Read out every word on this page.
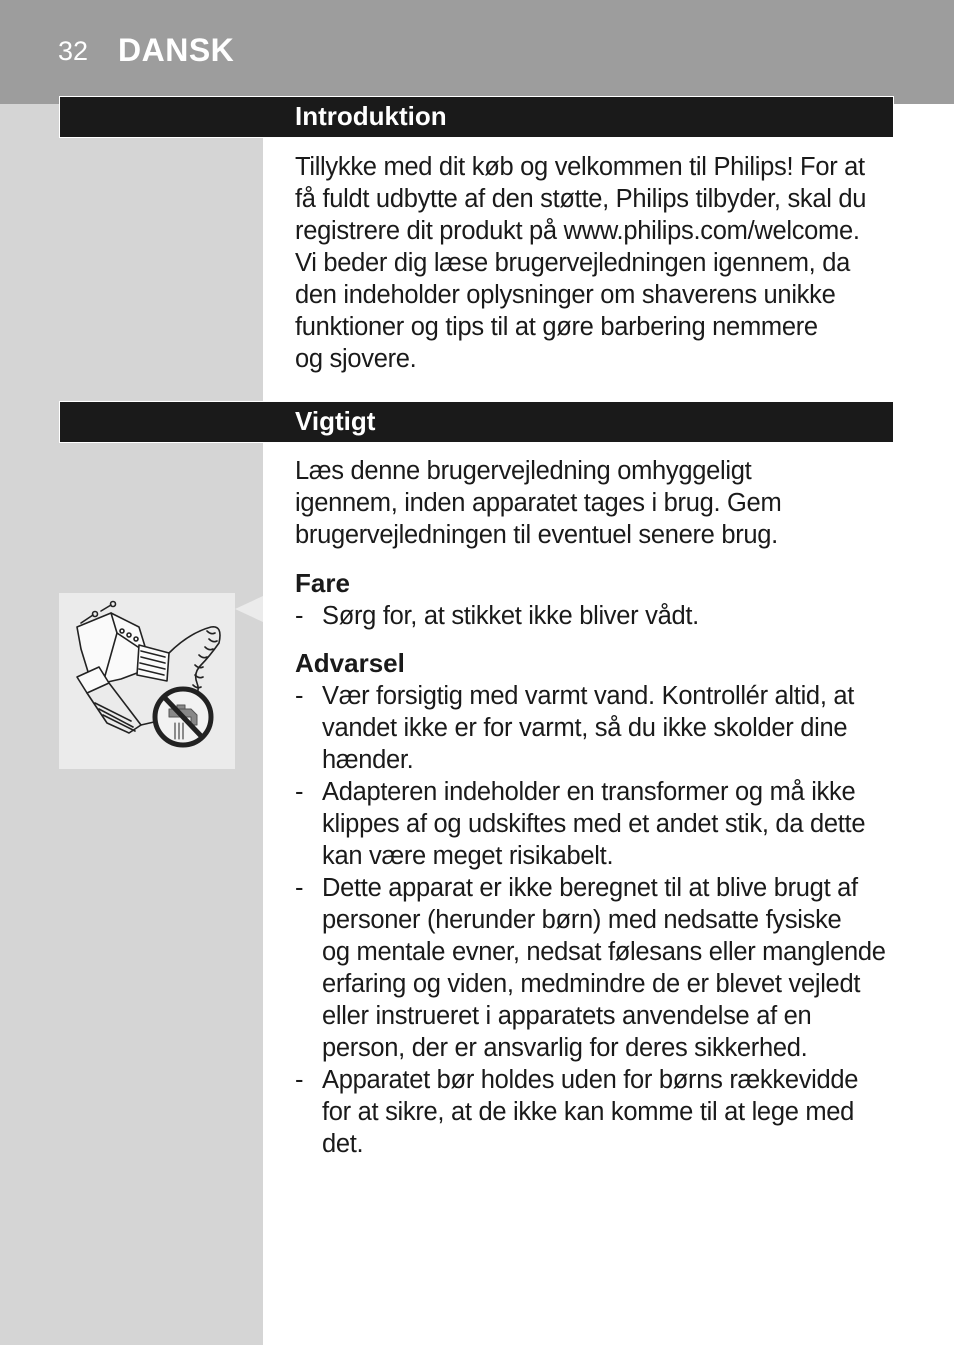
32 DANSK
Introduktion
Tillykke med dit køb og velkommen til Philips! For at
få fuldt udbytte af den støtte, Philips tilbyder, skal du
registrere dit produkt på www.philips.com/welcome.
Vi beder dig læse brugervejledningen igennem, da
den indeholder oplysninger om shaverens unikke
funktioner og tips til at gøre barbering nemmere
og sjovere.
Vigtigt
Læs denne brugervejledning omhyggeligt
igennem, inden apparatet tages i brug. Gem
brugervejledningen til eventuel senere brug.
Fare
- Sørg for, at stikket ikke bliver vådt.
Advarsel
- Vær forsigtig med varmt vand. Kontrollér altid, at
vandet ikke er for varmt, så du ikke skolder dine
hænder.
- Adapteren indeholder en transformer og må ikke
klippes af og udskiftes med et andet stik, da dette
kan være meget risikabelt.
- Dette apparat er ikke beregnet til at blive brugt af
personer (herunder børn) med nedsatte fysiske
og mentale evner, nedsat følesans eller manglende
erfaring og viden, medmindre de er blevet vejledt
eller instrueret i apparatets anvendelse af en
person, der er ansvarlig for deres sikkerhed.
- Apparatet bør holdes uden for børns rækkevidde
for at sikre, at de ikke kan komme til at lege med
det.
